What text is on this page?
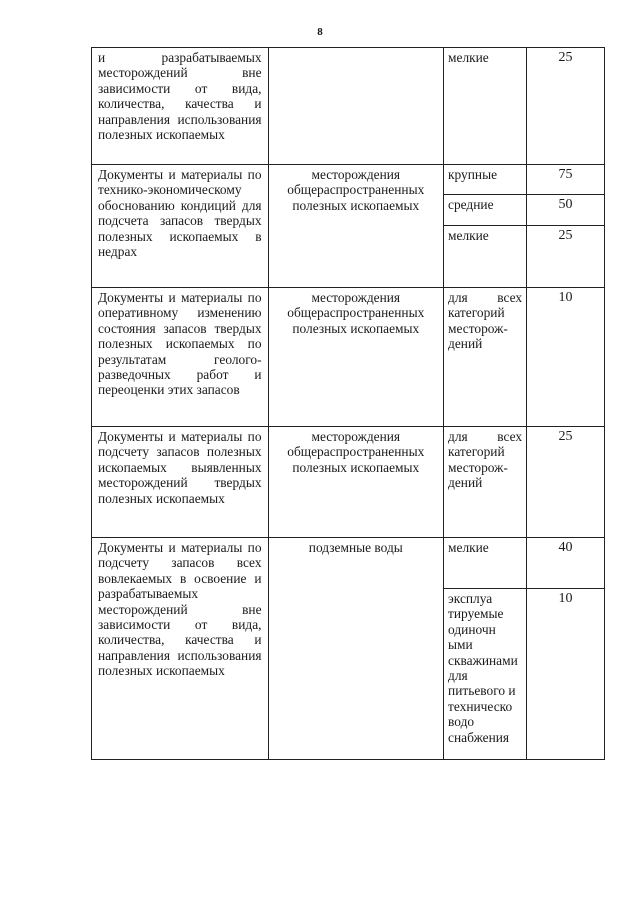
8
и разрабатываемых месторождений вне зависимости от вида, количества, качества и направления использования полезных ископаемых		мелкие	25
Документы и материалы по технико-экономическому обоснованию кондиций для подсчета запасов твердых полезных ископаемых в недрах	месторождения общераспространенных полезных ископаемых	крупные	75
		средние	50
		мелкие	25
Документы и материалы по оперативному изменению состояния запасов твердых полезных ископаемых по результатам геолого-разведочных работ и переоценки этих запасов	месторождения общераспространенных полезных ископаемых	для всех категорий месторож-дений	10
Документы и материалы по подсчету запасов полезных ископаемых выявленных месторождений твердых полезных ископаемых	месторождения общераспространенных полезных ископаемых	для всех категорий месторож-дений	25
Документы и материалы по подсчету запасов всех вовлекаемых в освоение и разрабатываемых месторождений вне зависимости от вида, количества, качества и направления использования полезных ископаемых	подземные воды	мелкие	40
		эксплуа тируемые одиночн ыми скважинами для питьевого и техническо водо снабжения	10
